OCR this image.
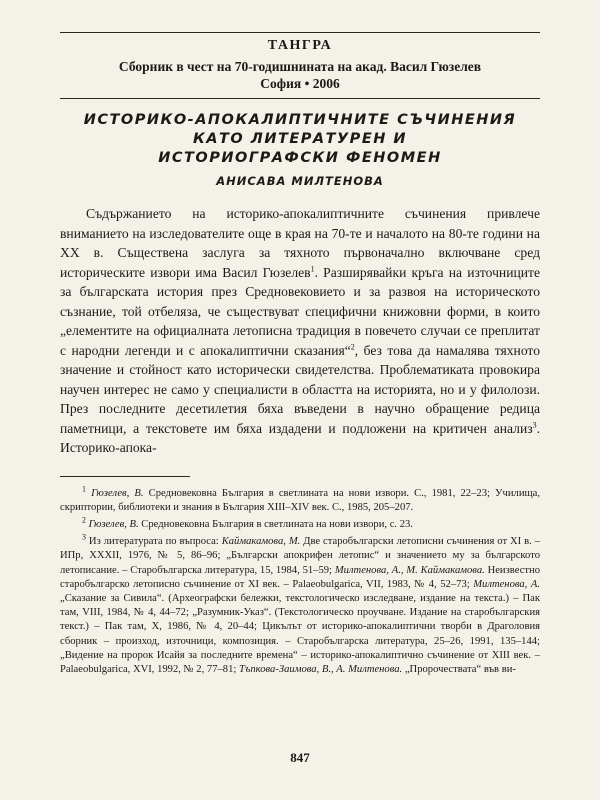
ТАНГРА
Сборник в чест на 70-годишнината на акад. Васил Гюзелев
София • 2006
ИСТОРИКО-АПОКАЛИПТИЧНИТЕ СЪЧИНЕНИЯ
КАТО ЛИТЕРАТУРЕН И
ИСТОРИОГРАФСКИ ФЕНОМЕН
АНИСАВА МИЛТЕНОВА

Съдържанието на историко-апокалиптичните съчинения привлече вниманието на изследователите още в края на 70-те и началото на 80-те години на XX в. Съществена заслуга за тяхното първоначално включване сред историческите извори има Васил Гюзелев$^1$. Разширявайки кръга на източниците за българската история през Средновековието и за развоя на историческото съзнание, той отбеляза, че съществуват специфични книжовни форми, в които „елементите на официалната летописна традиция в повечето случаи се преплитат с народни легенди и с апокалиптични сказания“$^2$, без това да намалява тяхното значение и стойност като исторически свидетелства. Проблематиката провокира научен интерес не само у специалисти в областта на историята, но и у филолози. През последните десетилетия бяха въведени в научно обращение редица паметници, а текстовете им бяха издадени и подложени на критичен анализ$^3$. Историко-апока-

$^1$ Гюзелев, В. Средновековна България в светлината на нови извори. С., 1981, 22–23; Училища, скриптории, библиотеки и знания в България XIII–XIV век. С., 1985, 205–207.

$^2$ Гюзелев, В. Средновековна България в светлината на нови извори, с. 23.

$^3$ Из литературата по въпроса: Каймакамова, М. Две старобългарски летописни съчинения от XI в. – ИПр, XXXII, 1976, № 5, 86–96; „Български апокрифен летопис“ и значението му за българското летописание. – Старобългарска литература, 15, 1984, 51–59; Милтенова, А., М. Каймакамова. Неизвестно старобългарско летописно съчинение от XI век. – Palaeobulgarica, VII, 1983, № 4, 52–73; Милтенова, А. „Сказание за Сивила“. (Археографски бележки, текстологическо изследване, издание на текста.) – Пак там, VIII, 1984, № 4, 44–72; „Разумник-Указ“. (Текстологическо проучване. Издание на старобългарския текст.) – Пак там, Х, 1986, № 4, 20–44; Цикълът от историко-апокалиптични творби в Драголовия сборник – произход, източници, композиция. – Старобългарска литература, 25–26, 1991, 135–144; „Видение на пророк Исайя за последните времена“ – историко-апокалиптично съчинение от XIII век. – Palaeobulgarica, XVI, 1992, № 2, 77–81; Тъпкова-Заимова, В., А. Милтенова. „Пророчествата“ във ви-

847
